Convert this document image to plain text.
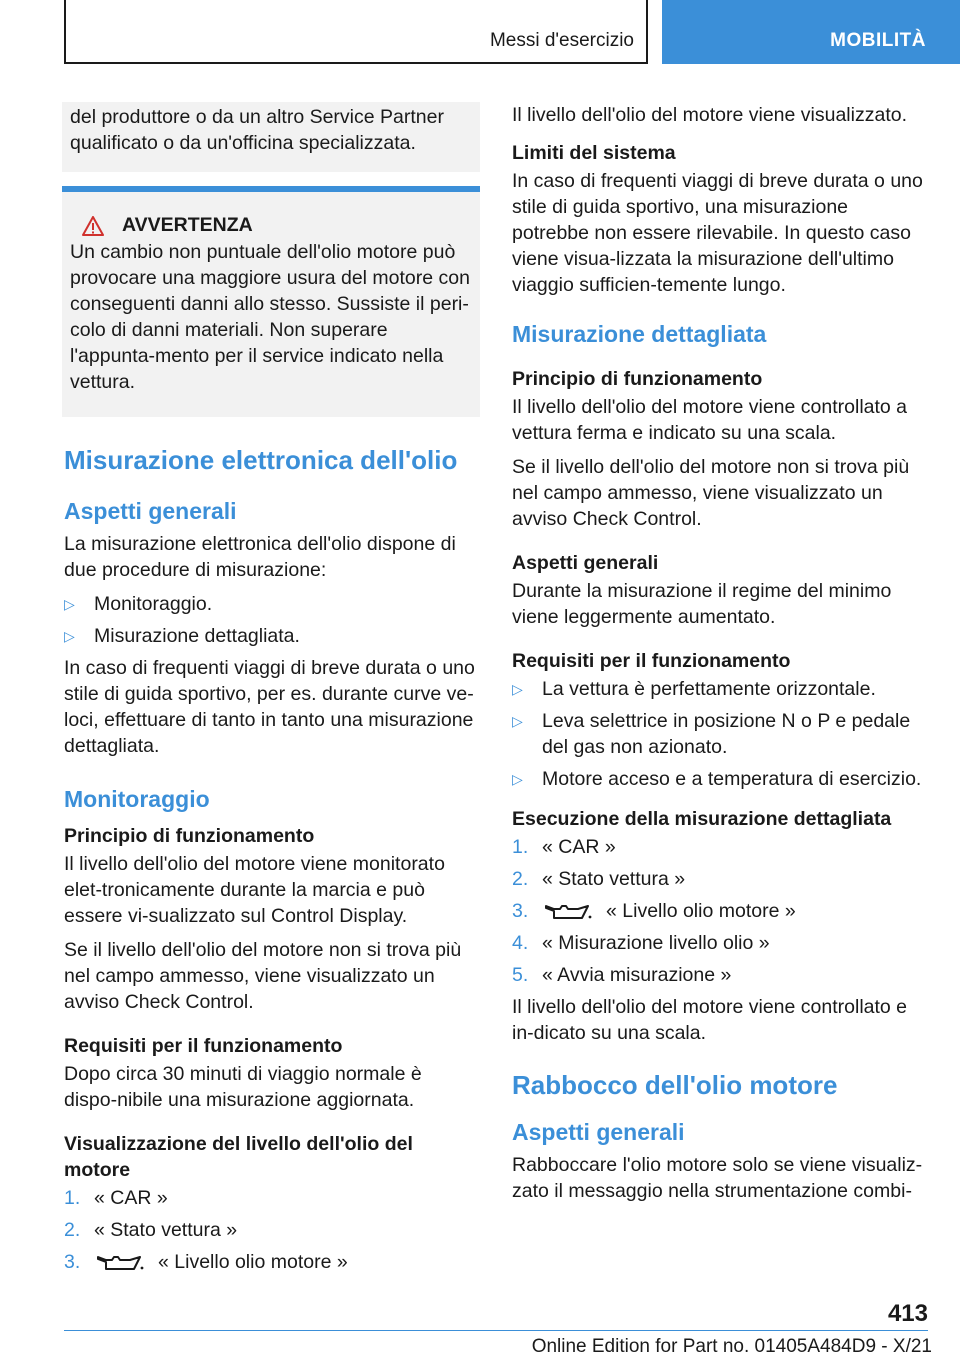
Messi d'esercizio	MOBILITÀ
del produttore o da un altro Service Partner qualificato o da un'officina specializzata.
AVVERTENZA
Un cambio non puntuale dell'olio motore può provocare una maggiore usura del motore con conseguenti danni allo stesso. Sussiste il peri-colo di danni materiali. Non superare l'appunta-mento per il service indicato nella vettura.
Misurazione elettronica dell'olio
Aspetti generali

La misurazione elettronica dell'olio dispone di due procedure di misurazione:

▷ Monitoraggio.
▷ Misurazione dettagliata.

In caso di frequenti viaggi di breve durata o uno stile di guida sportivo, per es. durante curve ve-loci, effettuare di tanto in tanto una misurazione dettagliata.

Monitoraggio
Principio di funzionamento

Il livello dell'olio del motore viene monitorato elet-tronicamente durante la marcia e può essere vi-sualizzato sul Control Display.

Se il livello dell'olio del motore non si trova più nel campo ammesso, viene visualizzato un avviso Check Control.

Requisiti per il funzionamento

Dopo circa 30 minuti di viaggio normale è dispo-nibile una misurazione aggiornata.

Visualizzazione del livello dell'olio del motore
1. « CAR »
2. « Stato vettura »
3.	« Livello olio motore »

Il livello dell'olio del motore viene visualizzato.

Limiti del sistema

In caso di frequenti viaggi di breve durata o uno stile di guida sportivo, una misurazione potrebbe non essere rilevabile. In questo caso viene visua-lizzata la misurazione dell'ultimo viaggio sufficien-temente lungo.

Misurazione dettagliata
Principio di funzionamento

Il livello dell'olio del motore viene controllato a vettura ferma e indicato su una scala.

Se il livello dell'olio del motore non si trova più nel campo ammesso, viene visualizzato un avviso Check Control.

Aspetti generali

Durante la misurazione il regime del minimo viene leggermente aumentato.

Requisiti per il funzionamento
▷ La vettura è perfettamente orizzontale.
▷ Leva selettrice in posizione N o P e pedale del gas non azionato.
▷ Motore acceso e a temperatura di esercizio.
Esecuzione della misurazione dettagliata
1. « CAR »
2. « Stato vettura »
3.	« Livello olio motore »
4. « Misurazione livello olio »
5. « Avvia misurazione »

Il livello dell'olio del motore viene controllato e in-dicato su una scala.

Rabbocco dell'olio motore
Aspetti generali

Rabboccare l'olio motore solo se viene visualiz-zato il messaggio nella strumentazione combi-

413
Online Edition for Part no. 01405A484D9 - X/21
